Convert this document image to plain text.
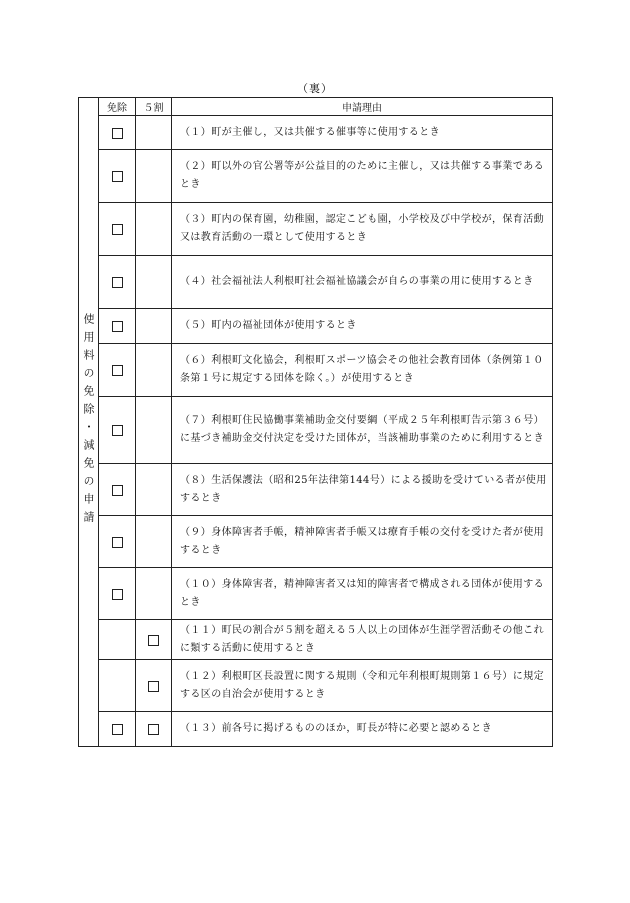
（裏）
使用料の免除・減免の申請	免除	５割	申請理由
			（１）町が主催し，又は共催する催事等に使用するとき
			（２）町以外の官公署等が公益目的のために主催し，又は共催する事業であるとき
			（３）町内の保育園，幼稚園，認定こども園，小学校及び中学校が，保育活動又は教育活動の一環として使用するとき
			（４）社会福祉法人利根町社会福祉協議会が自らの事業の用に使用するとき
			（５）町内の福祉団体が使用するとき
			（６）利根町文化協会，利根町スポーツ協会その他社会教育団体（条例第１０条第１号に規定する団体を除く。）が使用するとき
			（７）利根町住民協働事業補助金交付要綱（平成２５年利根町告示第３６号）に基づき補助金交付決定を受けた団体が，当該補助事業のために利用するとき
			（８）生活保護法（昭和25年法律第144号）による援助を受けている者が使用するとき
			（９）身体障害者手帳，精神障害者手帳又は療育手帳の交付を受けた者が使用するとき
			（１０）身体障害者，精神障害者又は知的障害者で構成される団体が使用するとき
			（１１）町民の割合が５割を超える５人以上の団体が生涯学習活動その他これに類する活動に使用するとき
			（１２）利根町区長設置に関する規則（令和元年利根町規則第１６号）に規定する区の自治会が使用するとき
			（１３）前各号に掲げるもののほか，町長が特に必要と認めるとき
